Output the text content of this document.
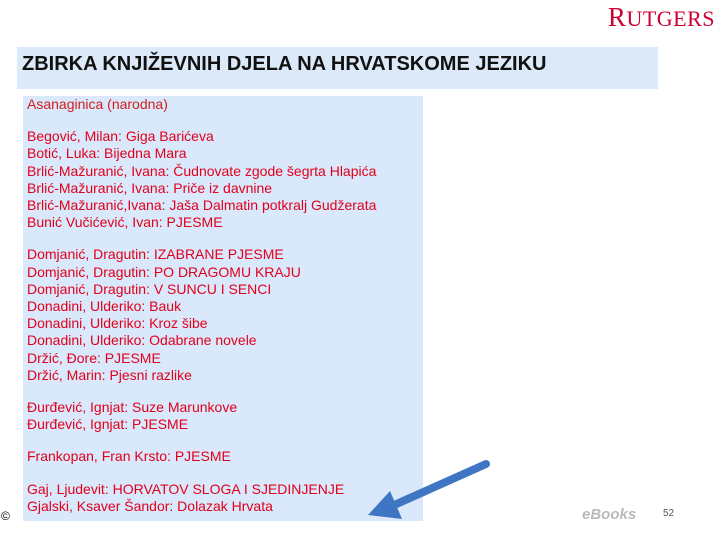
RUTGERS
ZBIRKA KNJIŽEVNIH DJELA NA HRVATSKOME JEZIKU
Asanaginica (narodna)
Begović, Milan: Giga Barićeva
Botić, Luka: Bijedna Mara
Brlić-Mažuranić, Ivana: Čudnovate zgode šegrta Hlapića
Brlić-Mažuranić, Ivana: Priče iz davnine
Brlić-Mažuranić,Ivana: Jaša Dalmatin potkralj Gudžerata
Bunić Vučićević, Ivan: PJESME
Domjanić, Dragutin: IZABRANE PJESME
Domjanić, Dragutin: PO DRAGOMU KRAJU
Domjanić, Dragutin: V SUNCU I SENCI
Donadini, Ulderiko: Bauk
Donadini, Ulderiko: Kroz šibe
Donadini, Ulderiko: Odabrane novele
Držić, Đore: PJESME
Držić, Marin: Pjesni razlike
Đurđević, Ignjat: Suze Marunkove
Đurđević, Ignjat: PJESME
Frankopan, Fran Krsto: PJESME
Gaj, Ljudevit: HORVATOV SLOGA I SJEDINJENJE
Gjalski, Ksaver Šandor: Dolazak Hrvata
©	eBooks	52
